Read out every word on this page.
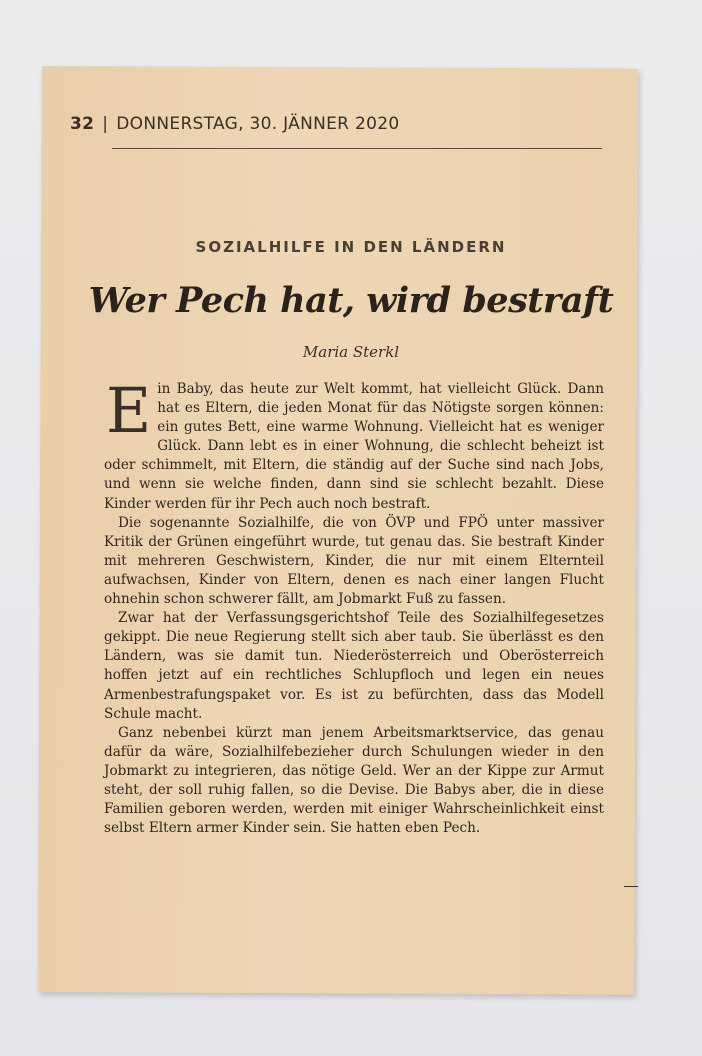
32 | DONNERSTAG, 30. JÄNNER 2020
SOZIALHILFE IN DEN LÄNDERN
Wer Pech hat, wird bestraft
Maria Sterkl

Ein Baby, das heute zur Welt kommt, hat vielleicht Glück. Dann hat es Eltern, die jeden Monat für das Nötigste sorgen können: ein gutes Bett, eine warme Wohnung. Vielleicht hat es weniger Glück. Dann lebt es in einer Wohnung, die schlecht beheizt ist oder schimmelt, mit Eltern, die ständig auf der Suche sind nach Jobs, und wenn sie welche finden, dann sind sie schlecht bezahlt. Diese Kinder werden für ihr Pech auch noch bestraft.

Die sogenannte Sozialhilfe, die von ÖVP und FPÖ unter massiver Kritik der Grünen eingeführt wurde, tut genau das. Sie bestraft Kinder mit mehreren Geschwistern, Kinder, die nur mit einem Elternteil aufwachsen, Kinder von Eltern, denen es nach einer langen Flucht ohnehin schon schwerer fällt, am Jobmarkt Fuß zu fassen.

Zwar hat der Verfassungsgerichtshof Teile des Sozialhilfegesetzes gekippt. Die neue Regierung stellt sich aber taub. Sie überlässt es den Ländern, was sie damit tun. Niederösterreich und Oberösterreich hoffen jetzt auf ein rechtliches Schlupfloch und legen ein neues Armenbestrafungspaket vor. Es ist zu befürchten, dass das Modell Schule macht.

Ganz nebenbei kürzt man jenem Arbeitsmarktservice, das genau dafür da wäre, Sozialhilfebezieher durch Schulungen wieder in den Jobmarkt zu integrieren, das nötige Geld. Wer an der Kippe zur Armut steht, der soll ruhig fallen, so die Devise. Die Babys aber, die in diese Familien geboren werden, werden mit einiger Wahrscheinlichkeit einst selbst Eltern armer Kinder sein. Sie hatten eben Pech.
